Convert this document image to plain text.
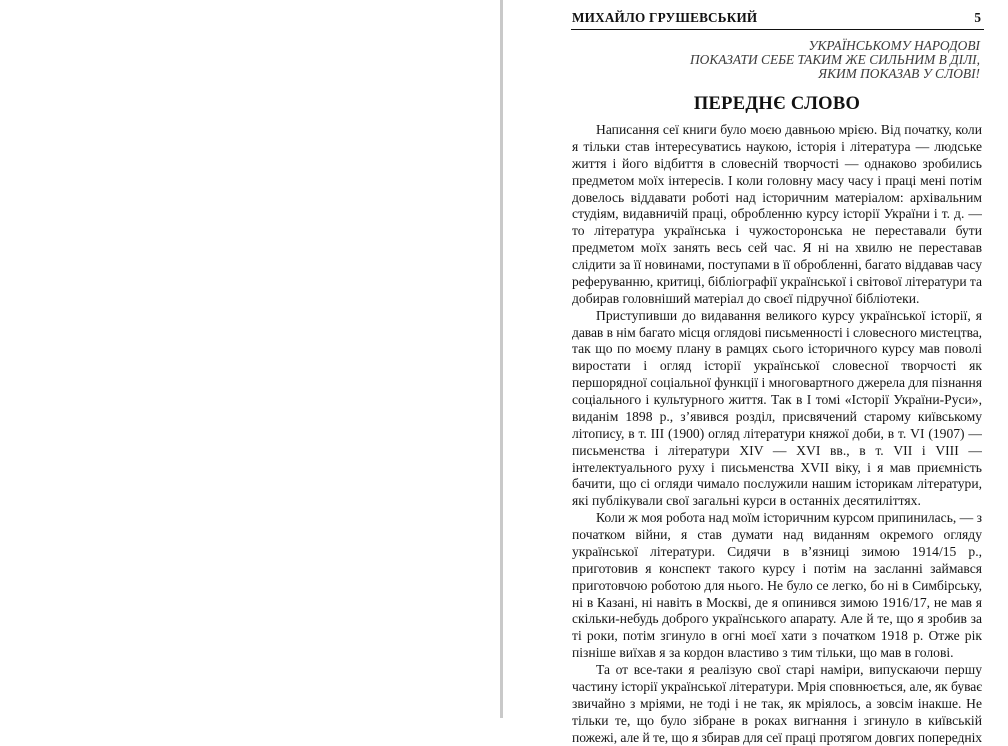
МИХАЙЛО ГРУШЕВСЬКИЙ	5
УКРАЇНСЬКОМУ НАРОДОВІ
ПОКАЗАТИ СЕБЕ ТАКИМ ЖЕ СИЛЬНИМ В ДІЛІ,
ЯКИМ ПОКАЗАВ У СЛОВІ!
ПЕРЕДНЄ СЛОВО
Написання сеї книги було моєю давньою мрією. Від початку, коли
я тільки став інтересуватись наукою, історія і література — людське
життя і його відбиття в словесній творчості — однаково зробились
предметом моїх інтересів. І коли головну масу часу і праці мені потім
довелось віддавати роботі над історичним матеріалом: архівальним
студіям, видавничій праці, обробленню курсу історії України і т. д. —
то література українська і чужосторонська не переставали бути
предметом моїх занять весь сей час. Я ні на хвилю не переставав
слідити за її новинами, поступами в її обробленні, багато віддавав часу
реферуванню, критиці, бібліографії української і світової літератури та
добирав головніший матеріал до своєї підручної бібліотеки.
Приступивши до видавання великого курсу української історії, я
давав в нім багато місця оглядові письменності і словесного мистецтва,
так що по моєму плану в рамцях сього історичного курсу мав поволі
виростати і огляд історії української словесної творчості як
першорядної соціальної функції і многовартного джерела для пізнання
соціального і культурного життя. Так в І томі «Історії України-Руси»,
виданім 1898 р., з’явився розділ, присвячений старому київському
літопису, в т. ІІІ (1900) огляд літератури княжої доби, в т. VI (1907) —
письменства і літератури XIV — XVI вв., в т. VII і VIII —
інтелектуального руху і письменства XVII віку, і я мав приємність
бачити, що сі огляди чимало послужили нашим історикам літератури,
які публікували свої загальні курси в останніх десятиліттях.
Коли ж моя робота над моїм історичним курсом припинилась, — з
початком війни, я став думати над виданням окремого огляду
української літератури. Сидячи в в’язниці зимою 1914/15 р.,
приготовив я конспект такого курсу і потім на засланні займався
приготовчою роботою для нього. Не було се легко, бо ні в Симбірську,
ні в Казані, ні навіть в Москві, де я опинився зимою 1916/17, не мав я
скільки-небудь доброго українського апарату. Але й те, що я зробив за
ті роки, потім згинуло в огні моєї хати з початком 1918 р. Отже рік
пізніше виїхав я за кордон властиво з тим тільки, що мав в голові.
Та от все-таки я реалізую свої старі наміри, випускаючи першу
частину історії української літератури. Мрія сповнюється, але, як буває
звичайно з мріями, не тоді і не так, як мріялось, а зовсім інакше. Не
тільки те, що було зібране в роках вигнання і згинуло в київській
пожежі, але й те, що я збирав для сеї праці протягом довгих попередніх
